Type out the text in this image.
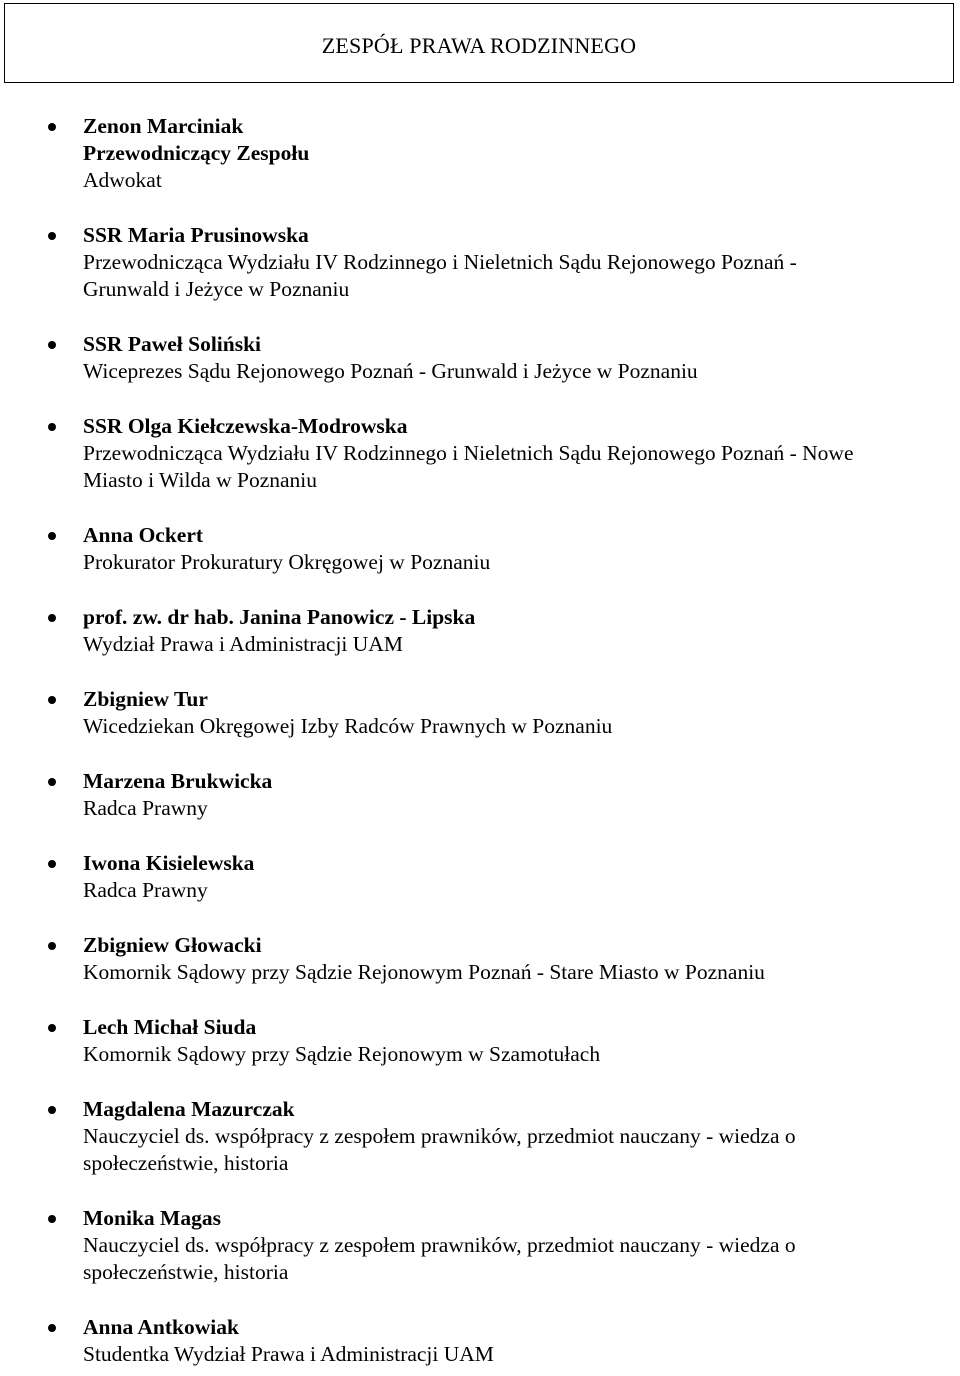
ZESPÓŁ PRAWA RODZINNEGO
Zenon Marciniak
Przewodniczący Zespołu
Adwokat
SSR Maria Prusinowska
Przewodnicząca Wydziału IV Rodzinnego i Nieletnich Sądu Rejonowego Poznań - Grunwald i Jeżyce w Poznaniu
SSR Paweł Soliński
Wiceprezes Sądu Rejonowego Poznań - Grunwald i Jeżyce w Poznaniu
SSR Olga Kiełczewska-Modrowska
Przewodnicząca Wydziału IV Rodzinnego i Nieletnich Sądu Rejonowego Poznań - Nowe Miasto i Wilda w Poznaniu
Anna Ockert
Prokurator Prokuratury Okręgowej w Poznaniu
prof. zw. dr hab. Janina Panowicz - Lipska
Wydział Prawa i Administracji UAM
Zbigniew Tur
Wicedziekan Okręgowej Izby Radców Prawnych w Poznaniu
Marzena Brukwicka
Radca Prawny
Iwona Kisielewska
Radca Prawny
Zbigniew Głowacki
Komornik Sądowy przy Sądzie Rejonowym Poznań - Stare Miasto w Poznaniu
Lech Michał Siuda
Komornik Sądowy przy Sądzie Rejonowym w Szamotułach
Magdalena Mazurczak
Nauczyciel ds. współpracy z zespołem prawników, przedmiot nauczany - wiedza o społeczeństwie, historia
Monika Magas
Nauczyciel ds. współpracy z zespołem prawników, przedmiot nauczany - wiedza o społeczeństwie, historia
Anna Antkowiak
Studentka Wydział Prawa i Administracji UAM
